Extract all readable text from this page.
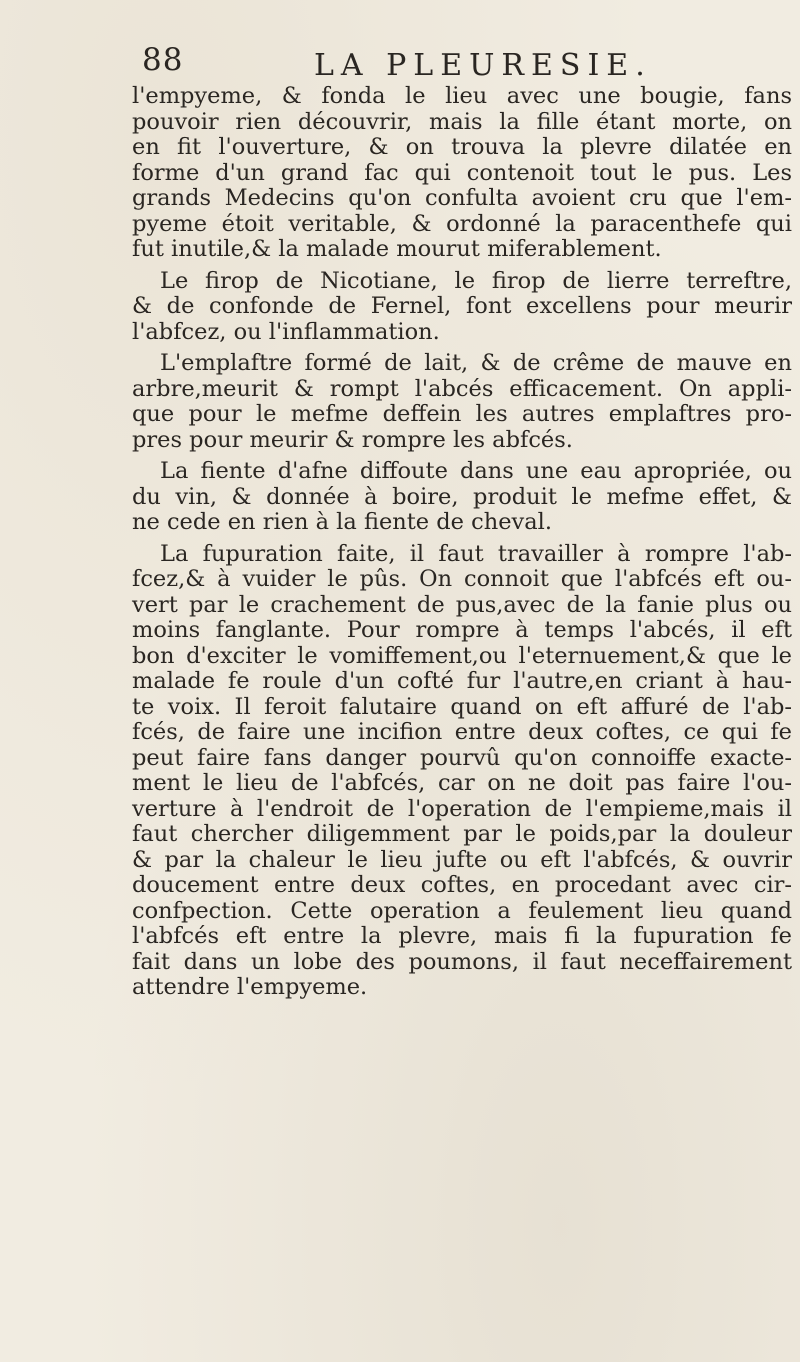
88	LA PLEURESIE.
l'empyeme, & fonda le lieu avec une bougie, fans
pouvoir rien découvrir, mais la fille étant morte, on
en fit l'ouverture, & on trouva la plevre dilatée en
forme d'un grand fac qui contenoit tout le pus. Les
grands Medecins qu'on confulta avoient cru que l'em-
pyeme étoit veritable, & ordonné la paracenthefe qui
fut inutile,& la malade mourut miferablement.
Le firop de Nicotiane, le firop de lierre terreftre,
& de confonde de Fernel, font excellens pour meurir
l'abfcez, ou l'inflammation.
L'emplaftre formé de lait, & de crême de mauve en
arbre,meurit & rompt l'abcés efficacement. On appli-
que pour le mefme deffein les autres emplaftres pro-
pres pour meurir & rompre les abfcés.
La fiente d'afne diffoute dans une eau apropriée, ou
du vin, & donnée à boire, produit le mefme effet, &
ne cede en rien à la fiente de cheval.
La fupuration faite, il faut travailler à rompre l'ab-
fcez,& à vuider le pûs. On connoit que l'abfcés eft ou-
vert par le crachement de pus,avec de la fanie plus ou
moins fanglante. Pour rompre à temps l'abcés, il eft
bon d'exciter le vomiffement,ou l'eternuement,& que le
malade fe roule d'un cofté fur l'autre,en criant à hau-
te voix. Il feroit falutaire quand on eft affuré de l'ab-
fcés, de faire une incifion entre deux coftes, ce qui fe
peut faire fans danger pourvû qu'on connoiffe exacte-
ment le lieu de l'abfcés, car on ne doit pas faire l'ou-
verture à l'endroit de l'operation de l'empieme,mais il
faut chercher diligemment par le poids,par la douleur
& par la chaleur le lieu jufte ou eft l'abfcés, & ouvrir
doucement entre deux coftes, en procedant avec cir-
confpection. Cette operation a feulement lieu quand
l'abfcés eft entre la plevre, mais fi la fupuration fe
fait dans un lobe des poumons, il faut neceffairement
attendre l'empyeme.
